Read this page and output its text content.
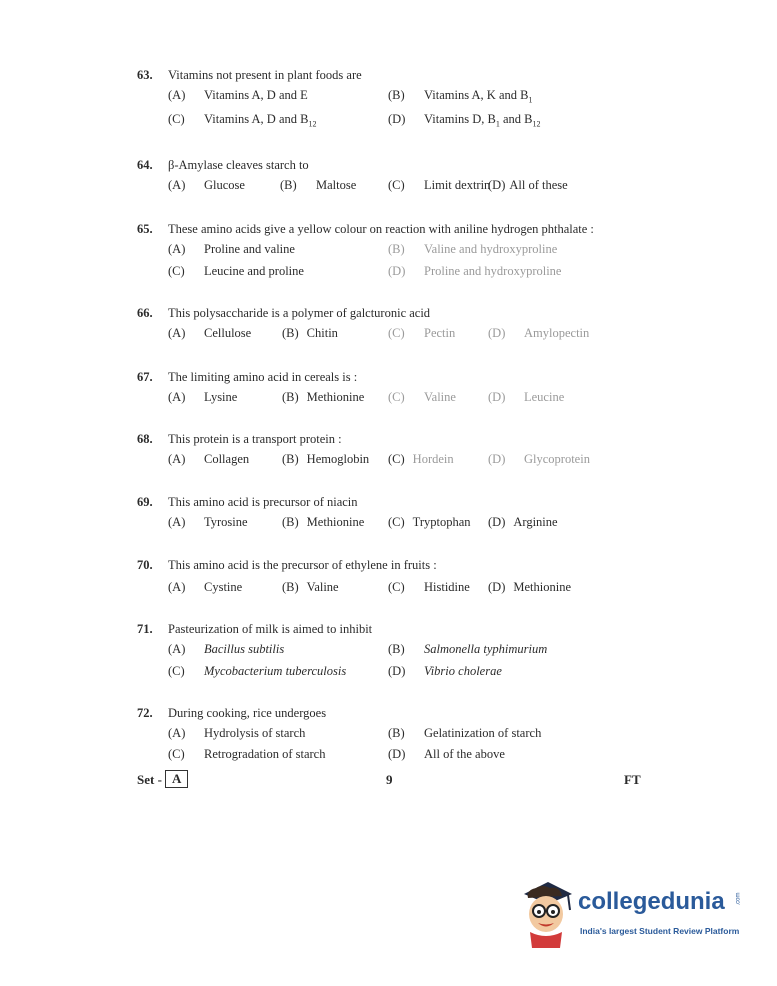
63. Vitamins not present in plant foods are
(A) Vitamins A, D and E	(B) Vitamins A, K and $B_1$
(C) Vitamins A, D and $B_{12}$	(D) Vitamins D, $B_1$ and $B_{12}$
64. β-Amylase cleaves starch to
(A) Glucose	(B) Maltose	(C) Limit dextrin
(D) All of these
65. These amino acids give a yellow colour on reaction with aniline hydrogen phthalate :
(A) Proline and valine	(B) Valine and hydroxyproline
(C) Leucine and proline	(D) Proline and hydroxyproline
66. This polysaccharide is a polymer of galcturonic acid
(A) Cellulose (B) Chitin	(C) Pectin	(D) Amylopectin
67. The limiting amino acid in cereals is :
(A) Lysine	(B) Methionine (C) Valine	(D) Leucine
68. This protein is a transport protein :
(A) Collagen	(B) Hemoglobin (C) Hordein	(D) Glycoprotein
69. This amino acid is precursor of niacin
(A) Tyrosine	(B) Methionine (C) Tryptophan (D) Arginine
70. This amino acid is the precursor of ethylene in fruits :
(A) Cystine	(B) Valine	(C) Histidine (D) Methionine
71. Pasteurization of milk is aimed to inhibit
(A) Bacillus subtilis	(B) Salmonella typhimurium
(C) Mycobacterium tuberculosis	(D) Vibrio cholerae
72. During cooking, rice undergoes
(A) Hydrolysis of starch	(B) Gelatinization of starch
(C) Retrogradation of starch	(D) All of the above
Set - A	9	FT
collegedunia .com
India's largest Student Review Platform
